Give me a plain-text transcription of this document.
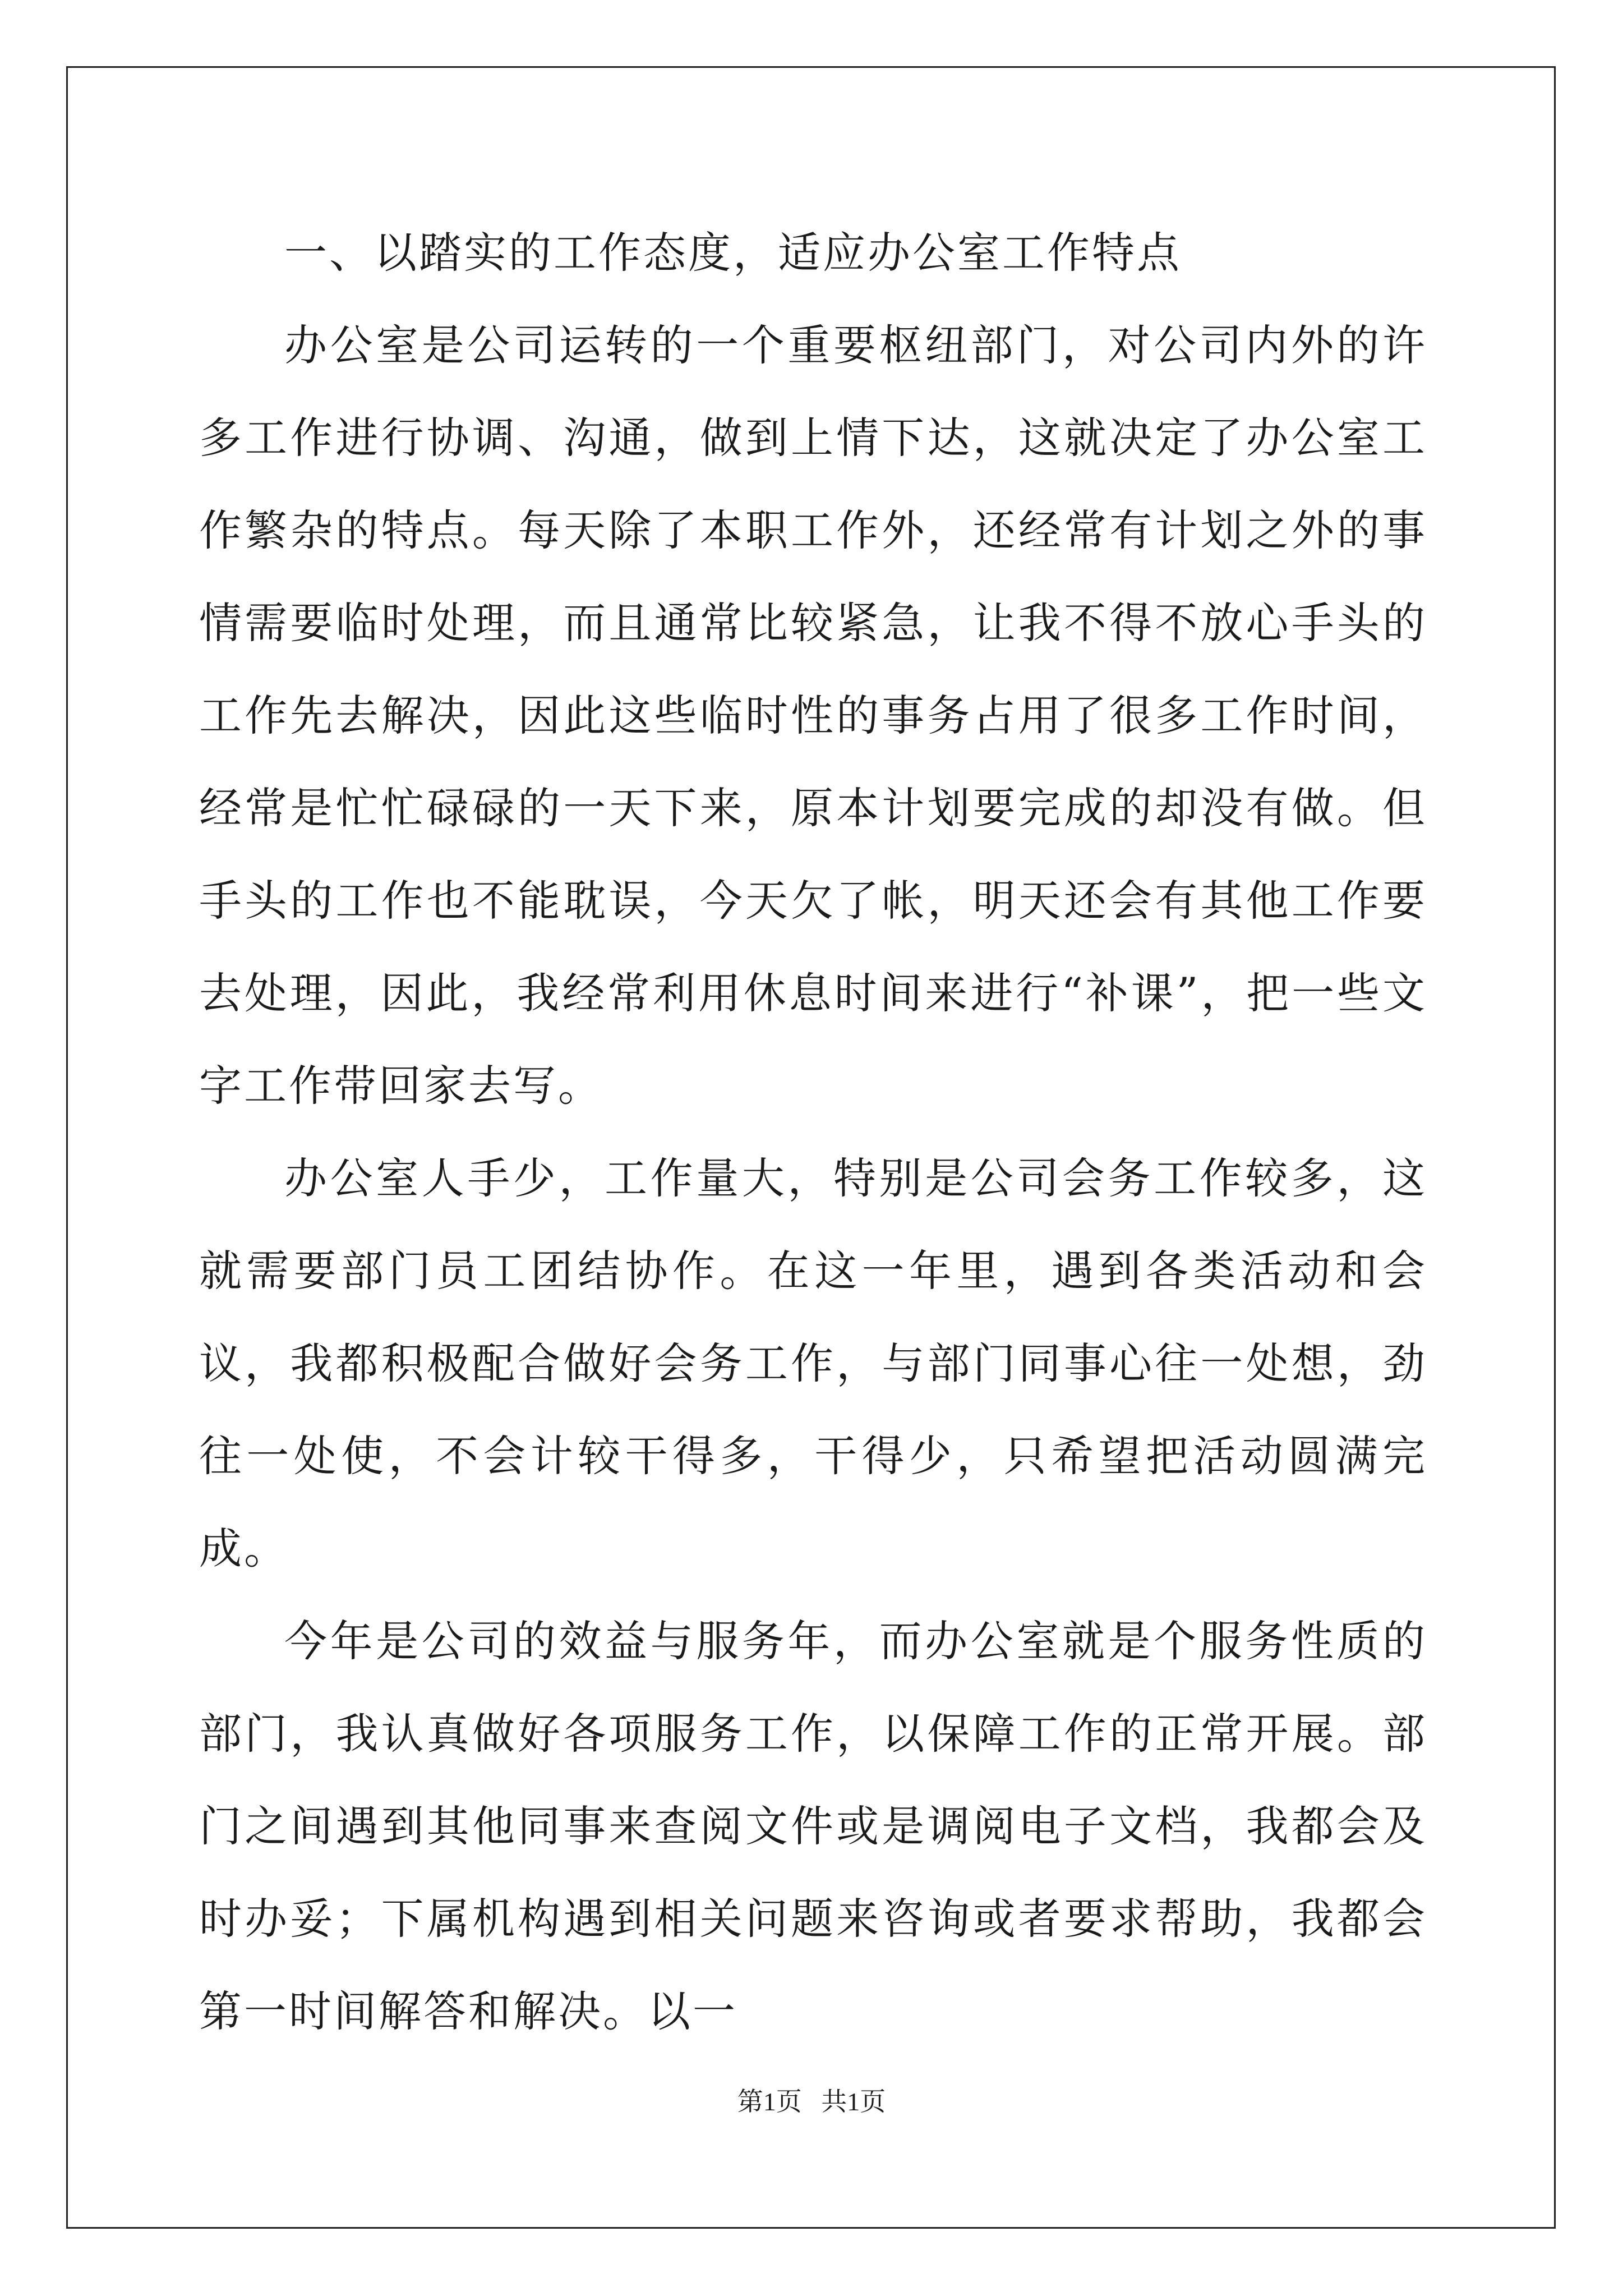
一、以踏实的工作态度，适应办公室工作特点

办公室是公司运转的一个重要枢纽部门，对公司内外的许多工作进行协调、沟通，做到上情下达，这就决定了办公室工作繁杂的特点。每天除了本职工作外，还经常有计划之外的事情需要临时处理，而且通常比较紧急，让我不得不放心手头的工作先去解决，因此这些临时性的事务占用了很多工作时间，经常是忙忙碌碌的一天下来，原本计划要完成的却没有做。但手头的工作也不能耽误，今天欠了帐，明天还会有其他工作要去处理，因此，我经常利用休息时间来进行“补课”，把一些文字工作带回家去写。

办公室人手少，工作量大，特别是公司会务工作较多，这就需要部门员工团结协作。在这一年里，遇到各类活动和会议，我都积极配合做好会务工作，与部门同事心往一处想，劲往一处使，不会计较干得多，干得少，只希望把活动圆满完成。

今年是公司的效益与服务年，而办公室就是个服务性质的部门，我认真做好各项服务工作，以保障工作的正常开展。部门之间遇到其他同事来查阅文件或是调阅电子文档，我都会及时办妥；下属机构遇到相关问题来咨询或者要求帮助，我都会第一时间解答和解决。以一

第1页 共1页
